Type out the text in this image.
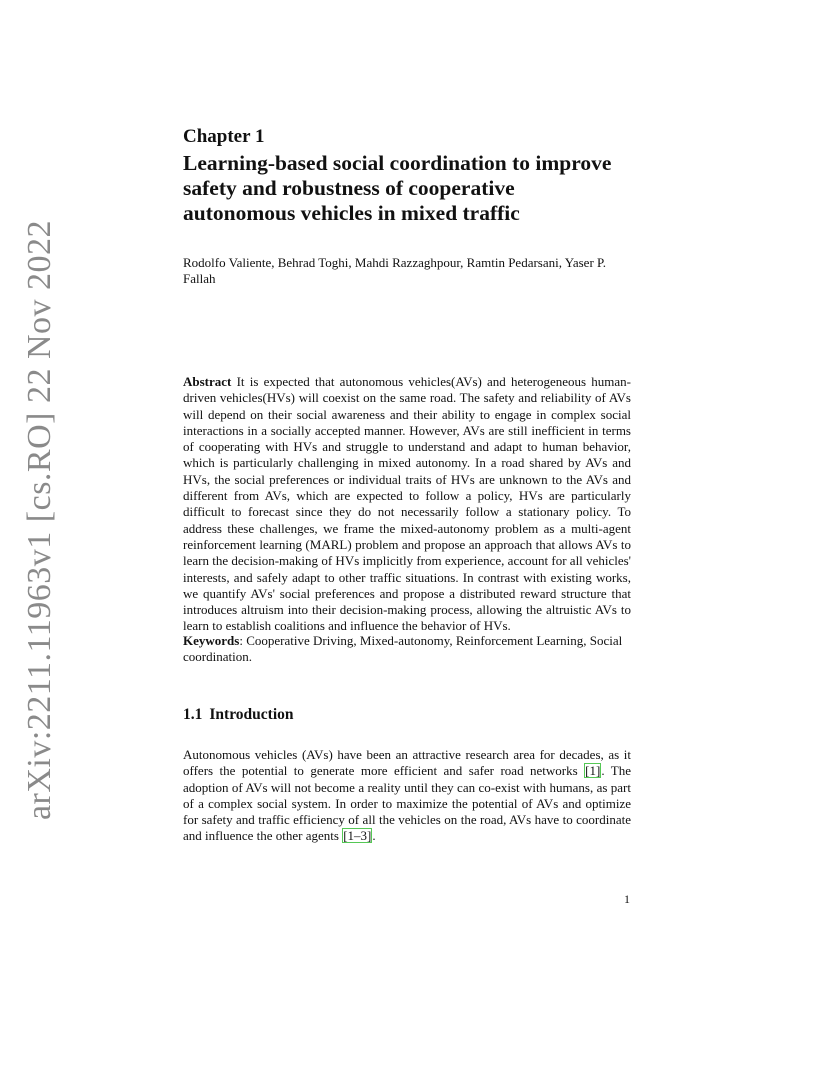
arXiv:2211.11963v1 [cs.RO] 22 Nov 2022
Chapter 1
Learning-based social coordination to improve safety and robustness of cooperative autonomous vehicles in mixed traffic
Rodolfo Valiente, Behrad Toghi, Mahdi Razzaghpour, Ramtin Pedarsani, Yaser P. Fallah

Abstract It is expected that autonomous vehicles(AVs) and heterogeneous human-driven vehicles(HVs) will coexist on the same road. The safety and reliability of AVs will depend on their social awareness and their ability to engage in complex social interactions in a socially accepted manner. However, AVs are still inefficient in terms of cooperating with HVs and struggle to understand and adapt to human behavior, which is particularly challenging in mixed autonomy. In a road shared by AVs and HVs, the social preferences or individual traits of HVs are unknown to the AVs and different from AVs, which are expected to follow a policy, HVs are particularly difficult to forecast since they do not necessarily follow a stationary policy. To address these challenges, we frame the mixed-autonomy problem as a multi-agent reinforcement learning (MARL) problem and propose an approach that allows AVs to learn the decision-making of HVs implicitly from experience, account for all vehicles' interests, and safely adapt to other traffic situations. In contrast with existing works, we quantify AVs' social preferences and propose a distributed reward structure that introduces altruism into their decision-making process, allowing the altruistic AVs to learn to establish coalitions and influence the behavior of HVs.

Keywords: Cooperative Driving, Mixed-autonomy, Reinforcement Learning, Social coordination.

1.1 Introduction

Autonomous vehicles (AVs) have been an attractive research area for decades, as it offers the potential to generate more efficient and safer road networks [1]. The adoption of AVs will not become a reality until they can co-exist with humans, as part of a complex social system. In order to maximize the potential of AVs and optimize for safety and traffic efficiency of all the vehicles on the road, AVs have to coordinate and influence the other agents [1–3].

1
